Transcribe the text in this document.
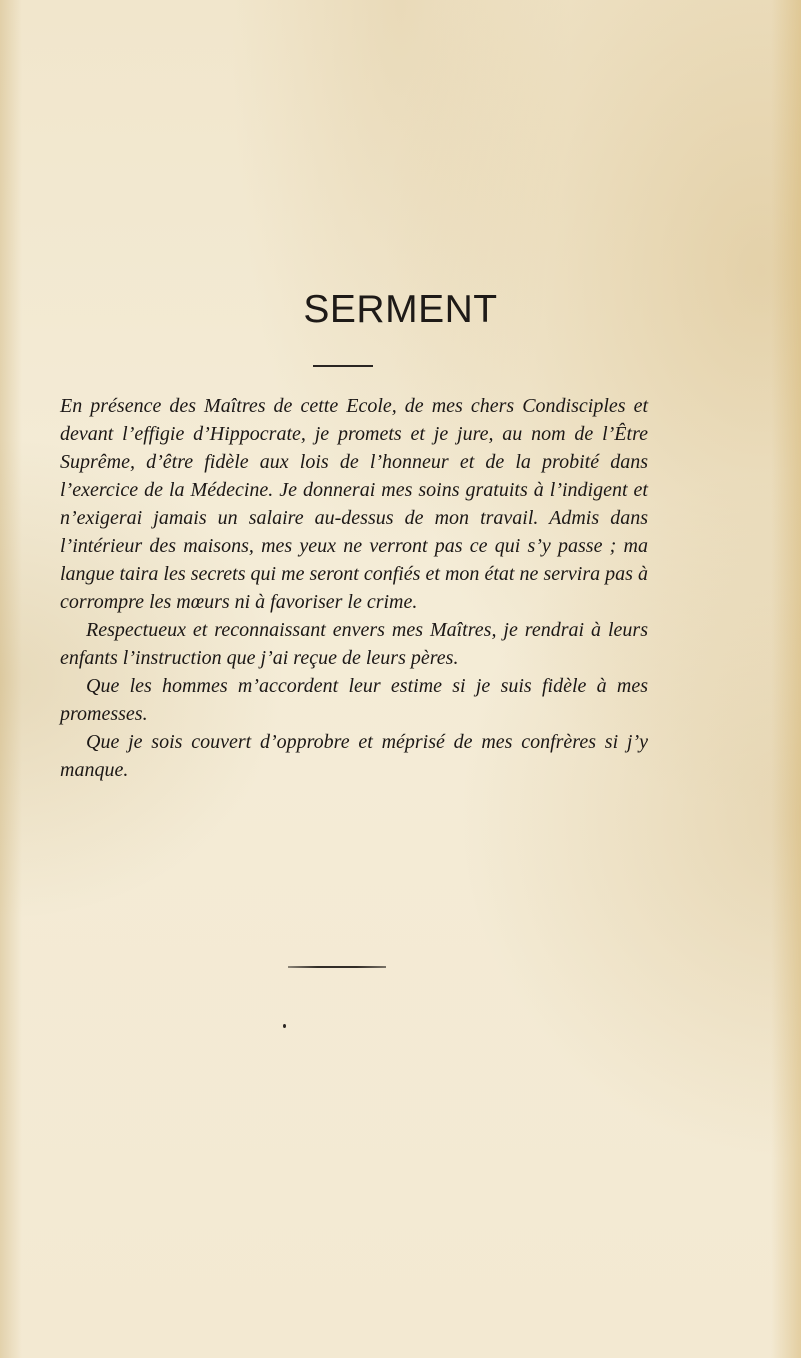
SERMENT

En présence des Maîtres de cette Ecole, de mes chers Condisciples et devant l’effigie d’Hippocrate, je promets et je jure, au nom de l’Être Suprême, d’être fidèle aux lois de l’honneur et de la probité dans l’exercice de la Médecine. Je donnerai mes soins gratuits à l’indigent et n’exigerai jamais un salaire au-dessus de mon travail. Admis dans l’intérieur des maisons, mes yeux ne verront pas ce qui s’y passe ; ma langue taira les secrets qui me seront confiés et mon état ne servira pas à corrompre les mœurs ni à favoriser le crime.

Respectueux et reconnaissant envers mes Maîtres, je rendrai à leurs enfants l’instruction que j’ai reçue de leurs pères.

Que les hommes m’accordent leur estime si je suis fidèle à mes promesses.

Que je sois couvert d’opprobre et méprisé de mes confrères si j’y manque.
